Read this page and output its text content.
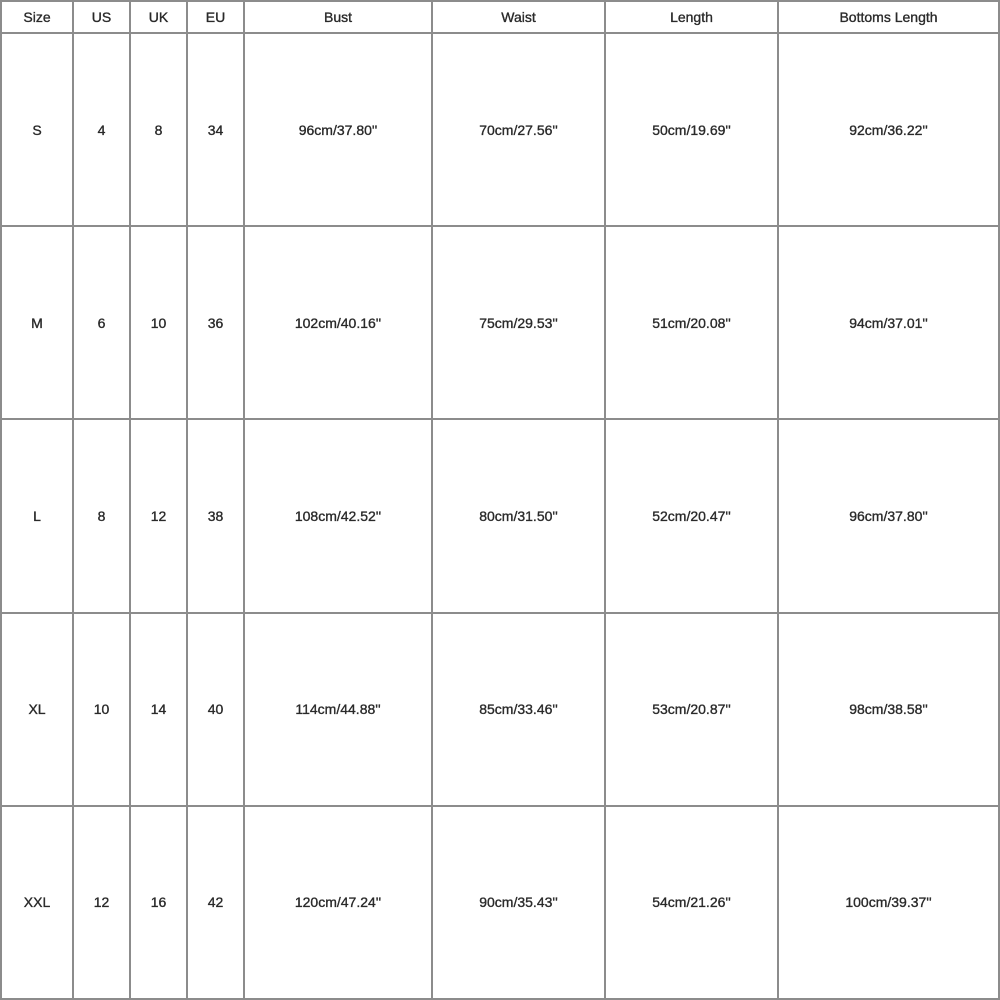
Size	US	UK	EU	Bust	Waist	Length	Bottoms Length
S	4	8	34	96cm/37.80''	70cm/27.56''	50cm/19.69''	92cm/36.22''
M	6	10	36	102cm/40.16''	75cm/29.53''	51cm/20.08''	94cm/37.01''
L	8	12	38	108cm/42.52''	80cm/31.50''	52cm/20.47''	96cm/37.80''
XL	10	14	40	114cm/44.88''	85cm/33.46''	53cm/20.87''	98cm/38.58''
XXL	12	16	42	120cm/47.24''	90cm/35.43''	54cm/21.26''	100cm/39.37''
